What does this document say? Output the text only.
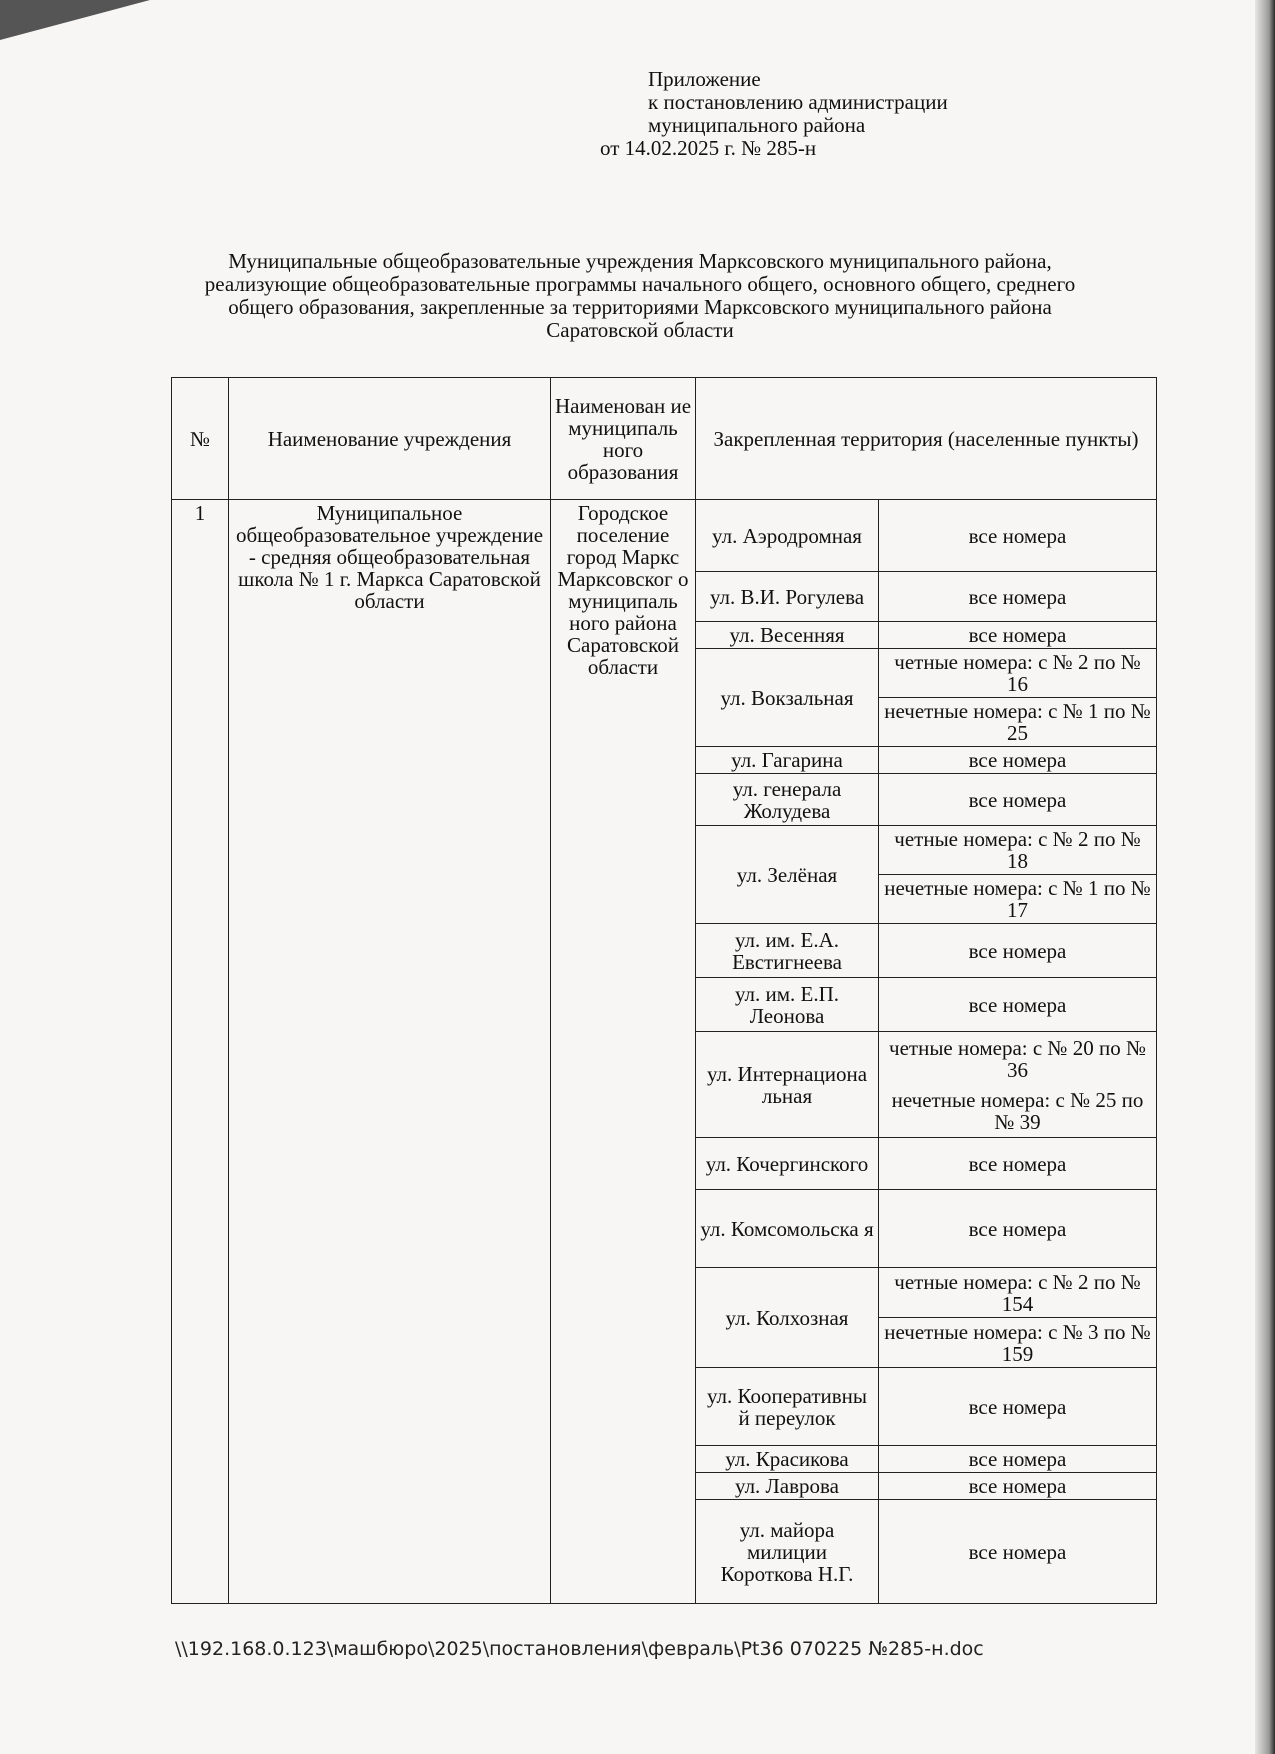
Приложение
к постановлению администрации
муниципального района
от 14.02.2025 г. № 285-н
Муниципальные общеобразовательные учреждения Марксовского муниципального района, реализующие общеобразовательные программы начального общего, основного общего, среднего общего образования, закрепленные за территориями Марксовского муниципального района Саратовской области
№	Наименование учреждения	Наименован ие муниципаль ного образования	Закрепленная территория (населенные пункты)	
1	Муниципальное общеобразовательное учреждение - средняя общеобразовательная школа № 1 г. Маркса Саратовской области	Городское поселение город Маркс Марксовског о муниципаль ного района Саратовской области	ул. Аэродромная	все номера
			ул. В.И. Рогулева	все номера
			ул. Весенняя	все номера
			ул. Вокзальная	четные номера: с № 2 по № 16
				нечетные номера: с № 1 по № 25
			ул. Гагарина	все номера
			ул. генерала Жолудева	все номера
			ул. Зелёная	четные номера: с № 2 по № 18
				нечетные номера: с № 1 по № 17
			ул. им. Е.А. Евстигнеева	все номера
			ул. им. Е.П. Леонова	все номера
			ул. Интернациона льная	четные номера: с № 20 по № 36
				нечетные номера: с № 25 по № 39
			ул. Кочергинского	все номера
			ул. Комсомольска я	все номера
			ул. Колхозная	четные номера: с № 2 по № 154
				нечетные номера: с № 3 по № 159
			ул. Кооперативны й переулок	все номера
			ул. Красикова	все номера
			ул. Лаврова	все номера
			ул. майора милиции Короткова Н.Г.	все номера
\\192.168.0.123\машбюро\2025\постановления\февраль\Pt36 070225 №285-н.doc
